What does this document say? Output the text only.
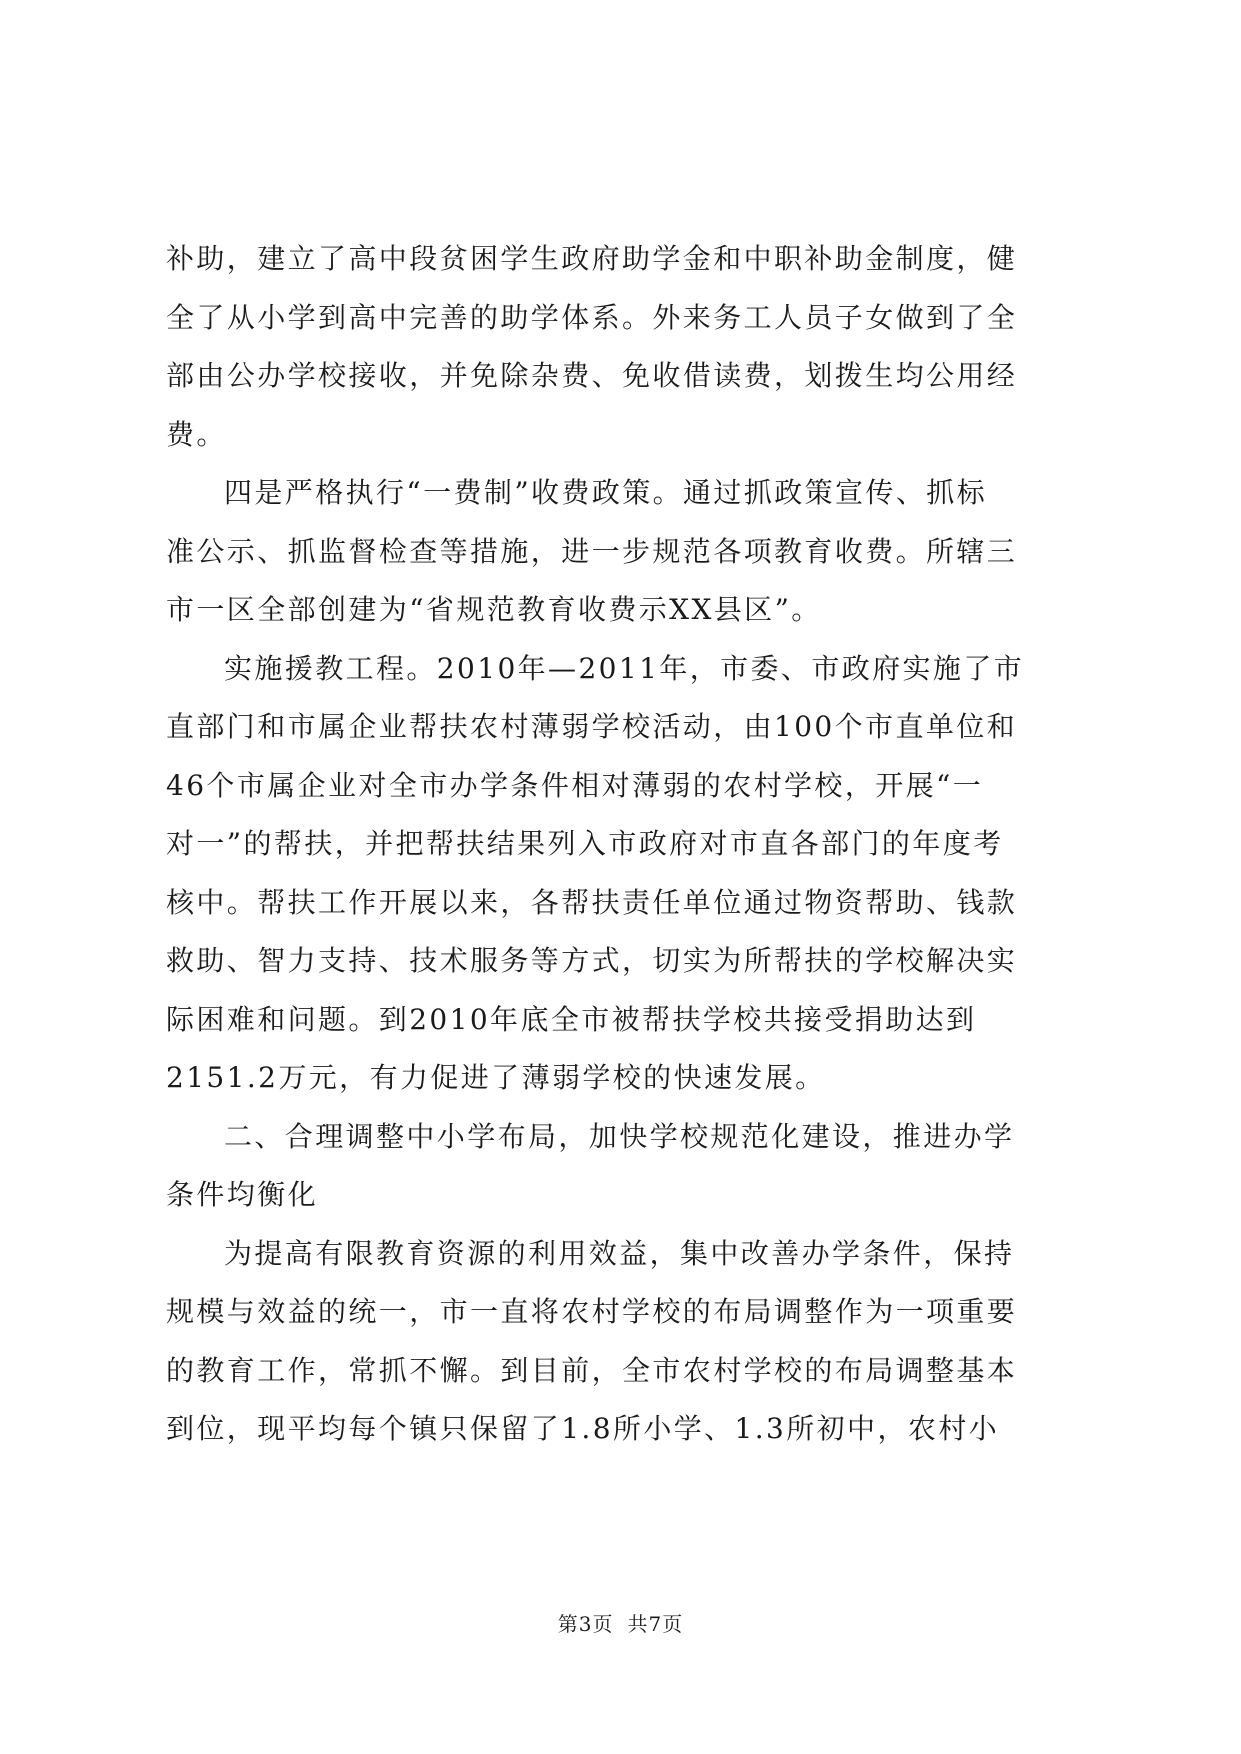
补助，建立了高中段贫困学生政府助学金和中职补助金制度，健
全了从小学到高中完善的助学体系。外来务工人员子女做到了全
部由公办学校接收，并免除杂费、免收借读费，划拨生均公用经
费。
四是严格执行“一费制”收费政策。通过抓政策宣传、抓标
准公示、抓监督检查等措施，进一步规范各项教育收费。所辖三
市一区全部创建为“省规范教育收费示XX县区”。
实施援教工程。2010年—2011年，市委、市政府实施了市
直部门和市属企业帮扶农村薄弱学校活动，由100个市直单位和
46个市属企业对全市办学条件相对薄弱的农村学校，开展“一
对一”的帮扶，并把帮扶结果列入市政府对市直各部门的年度考
核中。帮扶工作开展以来，各帮扶责任单位通过物资帮助、钱款
救助、智力支持、技术服务等方式，切实为所帮扶的学校解决实
际困难和问题。到2010年底全市被帮扶学校共接受捐助达到
2151.2万元，有力促进了薄弱学校的快速发展。
二、合理调整中小学布局，加快学校规范化建设，推进办学
条件均衡化
为提高有限教育资源的利用效益，集中改善办学条件，保持
规模与效益的统一，市一直将农村学校的布局调整作为一项重要
的教育工作，常抓不懈。到目前，全市农村学校的布局调整基本
到位，现平均每个镇只保留了1.8所小学、1.3所初中，农村小
第3页 共7页
